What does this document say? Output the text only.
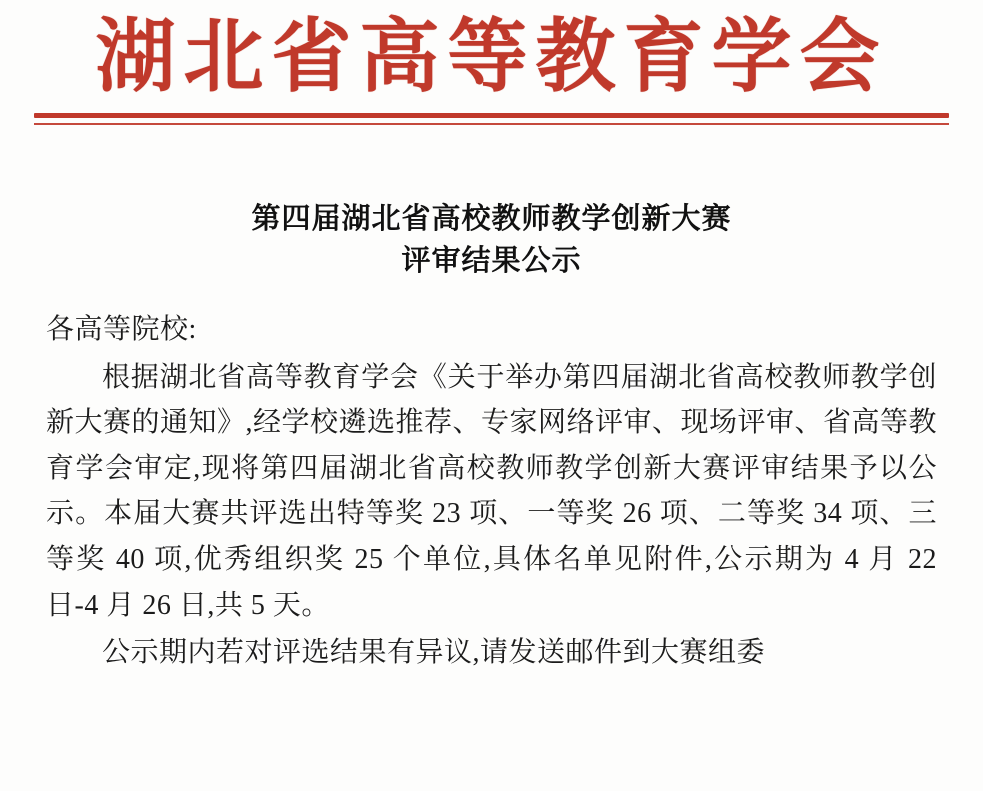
湖北省高等教育学会
第四届湖北省高校教师教学创新大赛
评审结果公示
各高等院校:
根据湖北省高等教育学会《关于举办第四届湖北省高校教师教学创新大赛的通知》,经学校遴选推荐、专家网络评审、现场评审、省高等教育学会审定,现将第四届湖北省高校教师教学创新大赛评审结果予以公示。本届大赛共评选出特等奖 23 项、一等奖 26 项、二等奖 34 项、三等奖 40 项,优秀组织奖 25 个单位,具体名单见附件,公示期为 4 月 22 日-4 月 26 日,共 5 天。
公示期内若对评选结果有异议,请发送邮件到大赛组委
